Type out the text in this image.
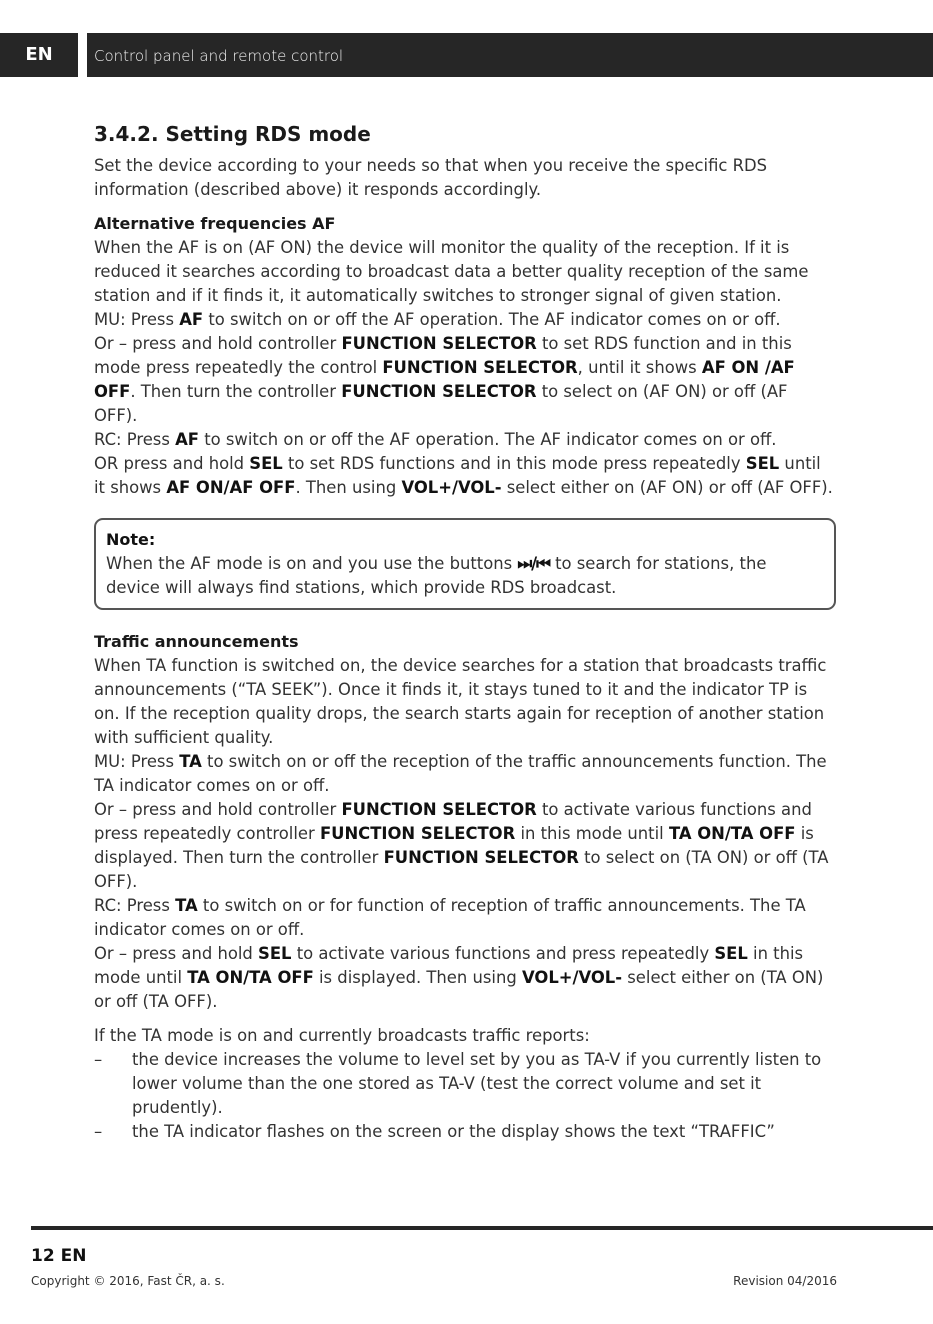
EN	Control panel and remote control
3.4.2. Setting RDS mode

Set the device according to your needs so that when you receive the specific RDS information (described above) it responds accordingly.

Alternative frequencies AF

When the AF is on (AF ON) the device will monitor the quality of the reception. If it is reduced it searches according to broadcast data a better quality reception of the same station and if it finds it, it automatically switches to stronger signal of given station.

MU: Press AF to switch on or off the AF operation. The AF indicator comes on or off.

Or – press and hold controller FUNCTION SELECTOR to set RDS function and in this mode press repeatedly the control FUNCTION SELECTOR, until it shows AF ON /AF OFF. Then turn the controller FUNCTION SELECTOR to select on (AF ON) or off (AF OFF).

RC: Press AF to switch on or off the AF operation. The AF indicator comes on or off.

OR press and hold SEL to set RDS functions and in this mode press repeatedly SEL until it shows AF ON/AF OFF. Then using VOL+/VOL- select either on (AF ON) or off (AF OFF).

Note:

When the AF mode is on and you use the buttons ⏭/⏮ to search for stations, the device will always find stations, which provide RDS broadcast.

Traffic announcements

When TA function is switched on, the device searches for a station that broadcasts traffic announcements (“TA SEEK”). Once it finds it, it stays tuned to it and the indicator TP is on. If the reception quality drops, the search starts again for reception of another station with sufficient quality.

MU: Press TA to switch on or off the reception of the traffic announcements function. The TA indicator comes on or off.

Or – press and hold controller FUNCTION SELECTOR to activate various functions and press repeatedly controller FUNCTION SELECTOR in this mode until TA ON/TA OFF is displayed. Then turn the controller FUNCTION SELECTOR to select on (TA ON) or off (TA OFF).

RC: Press TA to switch on or for function of reception of traffic announcements. The TA indicator comes on or off.

Or – press and hold SEL to activate various functions and press repeatedly SEL in this mode until TA ON/TA OFF is displayed. Then using VOL+/VOL- select either on (TA ON) or off (TA OFF).

If the TA mode is on and currently broadcasts traffic reports:

– the device increases the volume to level set by you as TA-V if you currently listen to lower volume than the one stored as TA-V (test the correct volume and set it prudently).
– the TA indicator flashes on the screen or the display shows the text “TRAFFIC”
12 EN
Copyright © 2016, Fast ČR, a. s.	Revision 04/2016
